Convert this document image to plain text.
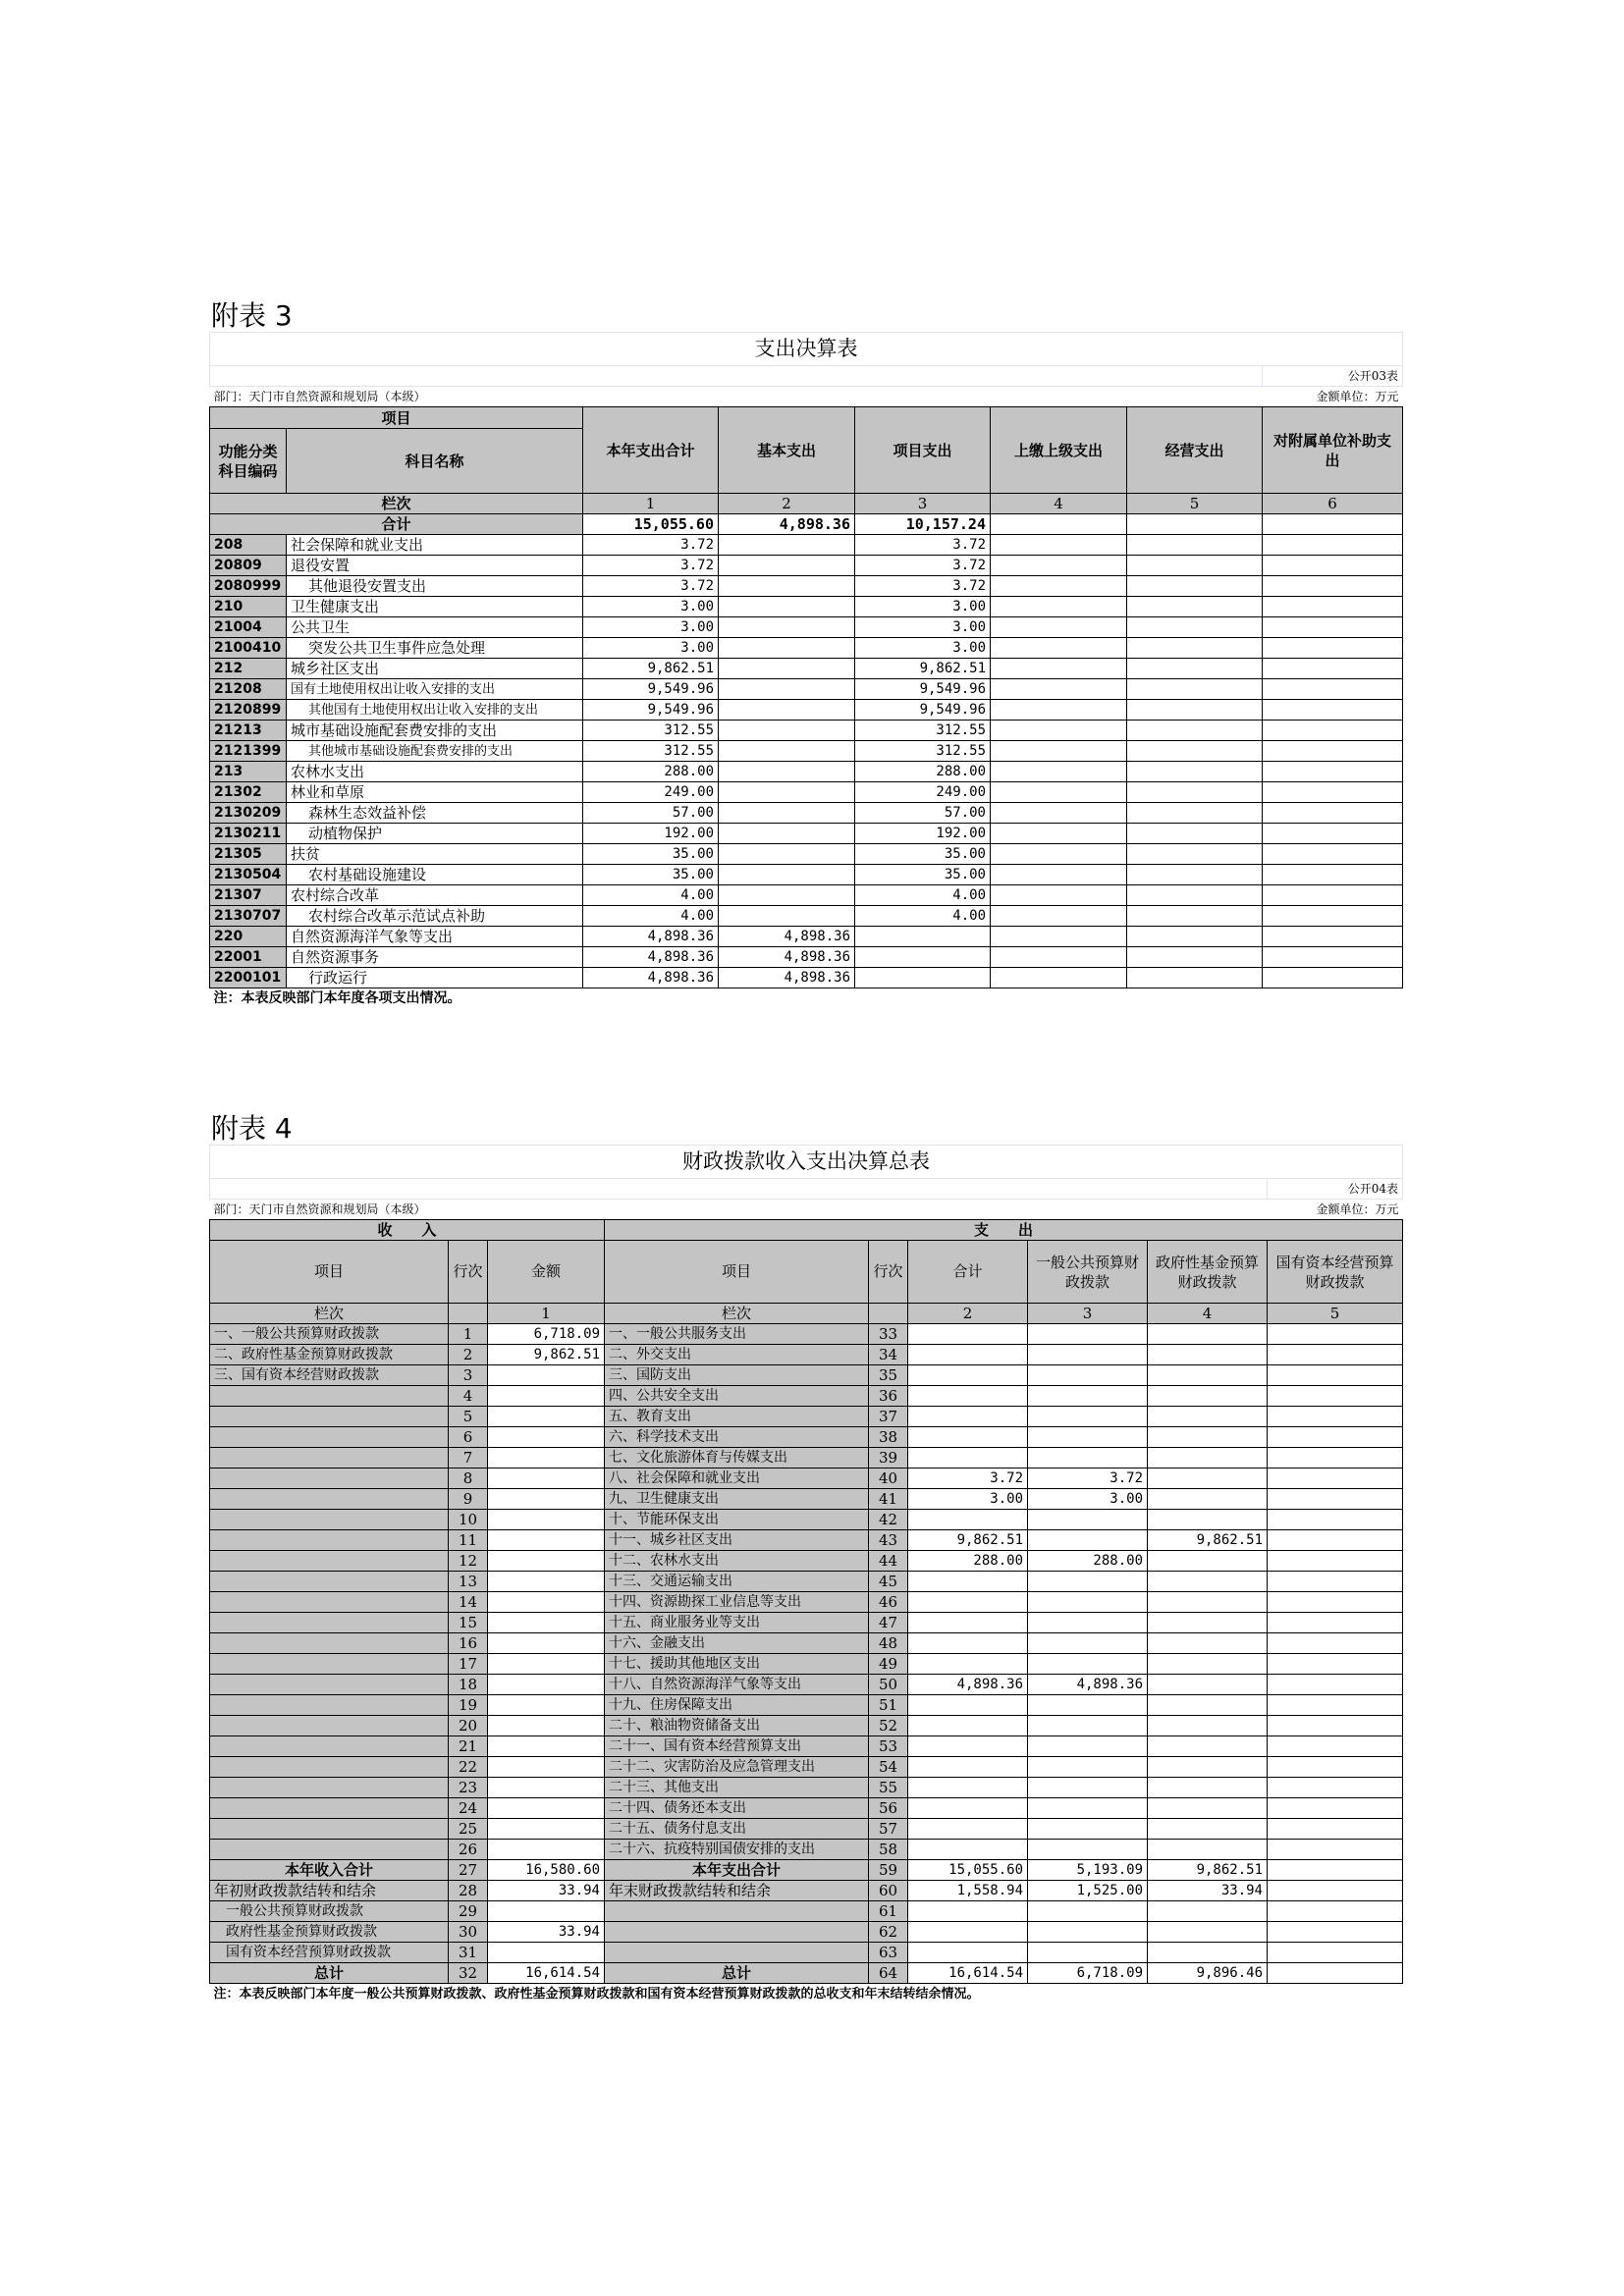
附表 3
支出决算表							
							公开03表
部门：天门市自然资源和规划局（本级）							金额单位：万元
项目		本年支出合计	基本支出	项目支出	上缴上级支出	经营支出	对附属单位补助支出
功能分类科目编码	科目名称						
栏次		1	2	3	4	5	6
合计		15,055.60	4,898.36	10,157.24			
208	社会保障和就业支出	3.72		3.72			
20809	退役安置	3.72		3.72			
2080999	其他退役安置支出	3.72		3.72			
210	卫生健康支出	3.00		3.00			
21004	公共卫生	3.00		3.00			
2100410	突发公共卫生事件应急处理	3.00		3.00			
212	城乡社区支出	9,862.51		9,862.51			
21208	国有土地使用权出让收入安排的支出	9,549.96		9,549.96			
2120899	其他国有土地使用权出让收入安排的支出	9,549.96		9,549.96			
21213	城市基础设施配套费安排的支出	312.55		312.55			
2121399	其他城市基础设施配套费安排的支出	312.55		312.55			
213	农林水支出	288.00		288.00			
21302	林业和草原	249.00		249.00			
2130209	森林生态效益补偿	57.00		57.00			
2130211	动植物保护	192.00		192.00			
21305	扶贫	35.00		35.00			
2130504	农村基础设施建设	35.00		35.00			
21307	农村综合改革	4.00		4.00			
2130707	农村综合改革示范试点补助	4.00		4.00			
220	自然资源海洋气象等支出	4,898.36	4,898.36				
22001	自然资源事务	4,898.36	4,898.36				
2200101	行政运行	4,898.36	4,898.36				
注：本表反映部门本年度各项支出情况。							
附表 4
财政拨款收入支出决算总表								
								公开04表
部门：天门市自然资源和规划局（本级）								金额单位：万元
收　　入			支　　出					
项目	行次	金额	项目	行次	合计	一般公共预算财政拨款	政府性基金预算财政拨款	国有资本经营预算财政拨款
栏次		1	栏次		2	3	4	5
一、一般公共预算财政拨款	1	6,718.09	一、一般公共服务支出	33				
二、政府性基金预算财政拨款	2	9,862.51	二、外交支出	34				
三、国有资本经营财政拨款	3		三、国防支出	35				
	4		四、公共安全支出	36				
	5		五、教育支出	37				
	6		六、科学技术支出	38				
	7		七、文化旅游体育与传媒支出	39				
	8		八、社会保障和就业支出	40	3.72	3.72		
	9		九、卫生健康支出	41	3.00	3.00		
	10		十、节能环保支出	42				
	11		十一、城乡社区支出	43	9,862.51		9,862.51	
	12		十二、农林水支出	44	288.00	288.00		
	13		十三、交通运输支出	45				
	14		十四、资源勘探工业信息等支出	46				
	15		十五、商业服务业等支出	47				
	16		十六、金融支出	48				
	17		十七、援助其他地区支出	49				
	18		十八、自然资源海洋气象等支出	50	4,898.36	4,898.36		
	19		十九、住房保障支出	51				
	20		二十、粮油物资储备支出	52				
	21		二十一、国有资本经营预算支出	53				
	22		二十二、灾害防治及应急管理支出	54				
	23		二十三、其他支出	55				
	24		二十四、债务还本支出	56				
	25		二十五、债务付息支出	57				
	26		二十六、抗疫特别国债安排的支出	58				
本年收入合计	27	16,580.60	本年支出合计	59	15,055.60	5,193.09	9,862.51	
年初财政拨款结转和结余	28	33.94	年末财政拨款结转和结余	60	1,558.94	1,525.00	33.94	
一般公共预算财政拨款	29			61				
政府性基金预算财政拨款	30	33.94		62				
国有资本经营预算财政拨款	31			63				
总计	32	16,614.54	总计	64	16,614.54	6,718.09	9,896.46	
注：本表反映部门本年度一般公共预算财政拨款、政府性基金预算财政拨款和国有资本经营预算财政拨款的总收支和年末结转结余情况。								
